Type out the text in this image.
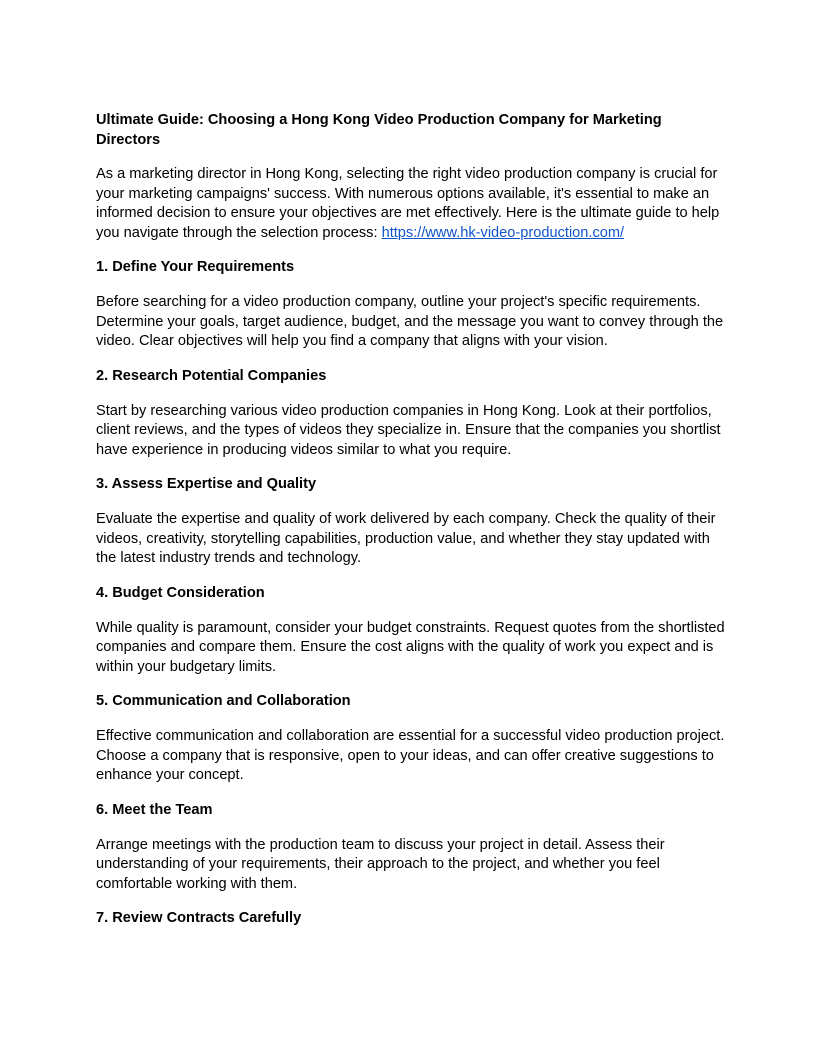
Ultimate Guide: Choosing a Hong Kong Video Production Company for Marketing Directors

As a marketing director in Hong Kong, selecting the right video production company is crucial for your marketing campaigns' success. With numerous options available, it's essential to make an informed decision to ensure your objectives are met effectively. Here is the ultimate guide to help you navigate through the selection process: https://www.hk-video-production.com/

1. Define Your Requirements

Before searching for a video production company, outline your project's specific requirements. Determine your goals, target audience, budget, and the message you want to convey through the video. Clear objectives will help you find a company that aligns with your vision.

2. Research Potential Companies

Start by researching various video production companies in Hong Kong. Look at their portfolios, client reviews, and the types of videos they specialize in. Ensure that the companies you shortlist have experience in producing videos similar to what you require.

3. Assess Expertise and Quality

Evaluate the expertise and quality of work delivered by each company. Check the quality of their videos, creativity, storytelling capabilities, production value, and whether they stay updated with the latest industry trends and technology.

4. Budget Consideration

While quality is paramount, consider your budget constraints. Request quotes from the shortlisted companies and compare them. Ensure the cost aligns with the quality of work you expect and is within your budgetary limits.

5. Communication and Collaboration

Effective communication and collaboration are essential for a successful video production project. Choose a company that is responsive, open to your ideas, and can offer creative suggestions to enhance your concept.

6. Meet the Team

Arrange meetings with the production team to discuss your project in detail. Assess their understanding of your requirements, their approach to the project, and whether you feel comfortable working with them.

7. Review Contracts Carefully
